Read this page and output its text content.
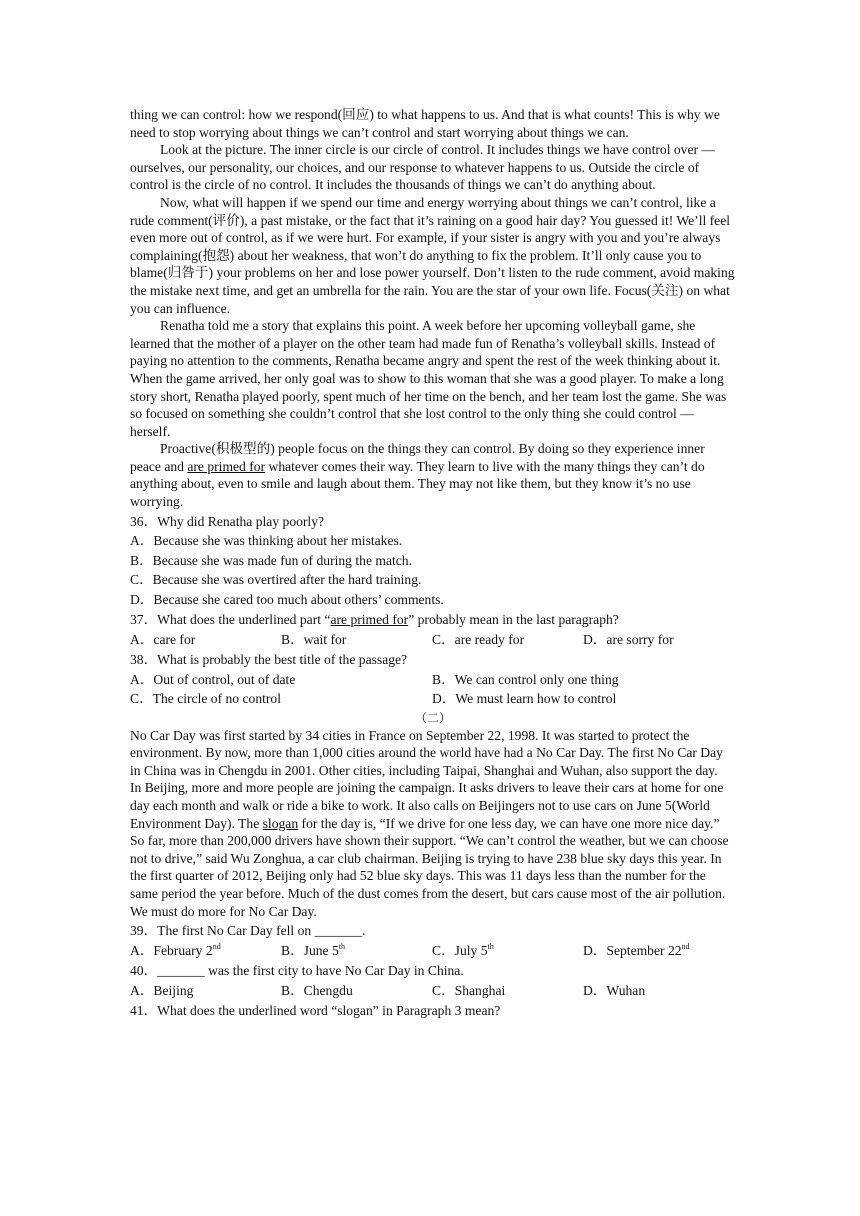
thing we can control: how we respond(回应) to what happens to us. And that is what counts! This is why we need to stop worrying about things we can’t control and start worrying about things we can.

Look at the picture. The inner circle is our circle of control. It includes things we have control over — ourselves, our personality, our choices, and our response to whatever happens to us. Outside the circle of control is the circle of no control. It includes the thousands of things we can’t do anything about.

Now, what will happen if we spend our time and energy worrying about things we can’t control, like a rude comment(评价), a past mistake, or the fact that it’s raining on a good hair day? You guessed it! We’ll feel even more out of control, as if we were hurt. For example, if your sister is angry with you and you’re always complaining(抱怨) about her weakness, that won’t do anything to fix the problem. It’ll only cause you to blame(归咎于) your problems on her and lose power yourself. Don’t listen to the rude comment, avoid making the mistake next time, and get an umbrella for the rain. You are the star of your own life. Focus(关注) on what you can influence.

Renatha told me a story that explains this point. A week before her upcoming volleyball game, she learned that the mother of a player on the other team had made fun of Renatha’s volleyball skills. Instead of paying no attention to the comments, Renatha became angry and spent the rest of the week thinking about it. When the game arrived, her only goal was to show to this woman that she was a good player. To make a long story short, Renatha played poorly, spent much of her time on the bench, and her team lost the game. She was so focused on something she couldn’t control that she lost control to the only thing she could control — herself.

Proactive(积极型的) people focus on the things they can control. By doing so they experience inner peace and are primed for whatever comes their way. They learn to live with the many things they can’t do anything about, even to smile and laugh about them. They may not like them, but they know it’s no use worrying.

36．Why did Renatha play poorly?

A．Because she was thinking about her mistakes.

B．Because she was made fun of during the match.

C．Because she was overtired after the hard training.

D．Because she cared too much about others’ comments.

37．What does the underlined part “are primed for” probably mean in the last paragraph?

A．care for	B．wait for	C．are ready for	D．are sorry for

38．What is probably the best title of the passage?

A．Out of control, out of date	B．We can control only one thing
C．The circle of no control	D．We must learn how to control

（二）

No Car Day was first started by 34 cities in France on September 22, 1998. It was started to protect the environment. By now, more than 1,000 cities around the world have had a No Car Day. The first No Car Day in China was in Chengdu in 2001. Other cities, including Taipai, Shanghai and Wuhan, also support the day.

In Beijing, more and more people are joining the campaign. It asks drivers to leave their cars at home for one day each month and walk or ride a bike to work. It also calls on Beijingers not to use cars on June 5(World Environment Day). The slogan for the day is, “If we drive for one less day, we can have one more nice day.”

So far, more than 200,000 drivers have shown their support. “We can’t control the weather, but we can choose not to drive,” said Wu Zonghua, a car club chairman. Beijing is trying to have 238 blue sky days this year. In the first quarter of 2012, Beijing only had 52 blue sky days. This was 11 days less than the number for the same period the year before. Much of the dust comes from the desert, but cars cause most of the air pollution. We must do more for No Car Day.

39．The first No Car Day fell on _______.

A．February 2nd	B．June 5th	C．July 5th	D．September 22nd

40．_______ was the first city to have No Car Day in China.

A．Beijing	B．Chengdu	C．Shanghai	D．Wuhan

41．What does the underlined word “slogan” in Paragraph 3 mean?
